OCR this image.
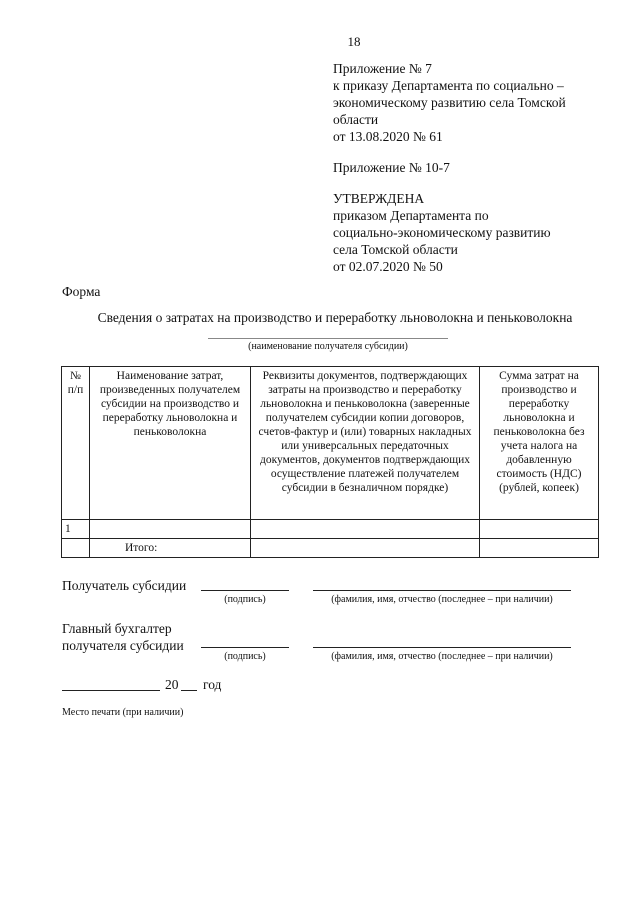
18
Приложение № 7
к приказу Департамента по социально –
экономическому развитию села Томской
области
от 13.08.2020 № 61
Приложение № 10-7
УТВЕРЖДЕНА
приказом Департамента по
социально-экономическому развитию
села Томской области
от 02.07.2020 № 50
Форма
Сведения о затратах на производство и переработку льноволокна и пеньковолокна
(наименование получателя субсидии)
№ п/п	Наименование затрат, произведенных получателем субсидии на производство и переработку льноволокна и пеньковолокна	Реквизиты документов, подтверждающих затраты на производство и переработку льноволокна и пеньковолокна (заверенные получателем субсидии копии договоров, счетов-фактур и (или) товарных накладных или универсальных передаточных документов, документов подтверждающих осуществление платежей получателем субсидии в безналичном порядке)	Сумма затрат на производство и переработку льноволокна и пеньковолокна без учета налога на добавленную стоимость (НДС) (рублей, копеек)
1			
	Итого:		
Получатель субсидии
(подпись)	(фамилия, имя, отчество (последнее – при наличии)
Главный бухгалтер
получателя субсидии
(подпись)	(фамилия, имя, отчество (последнее – при наличии)
20 год
Место печати (при наличии)
